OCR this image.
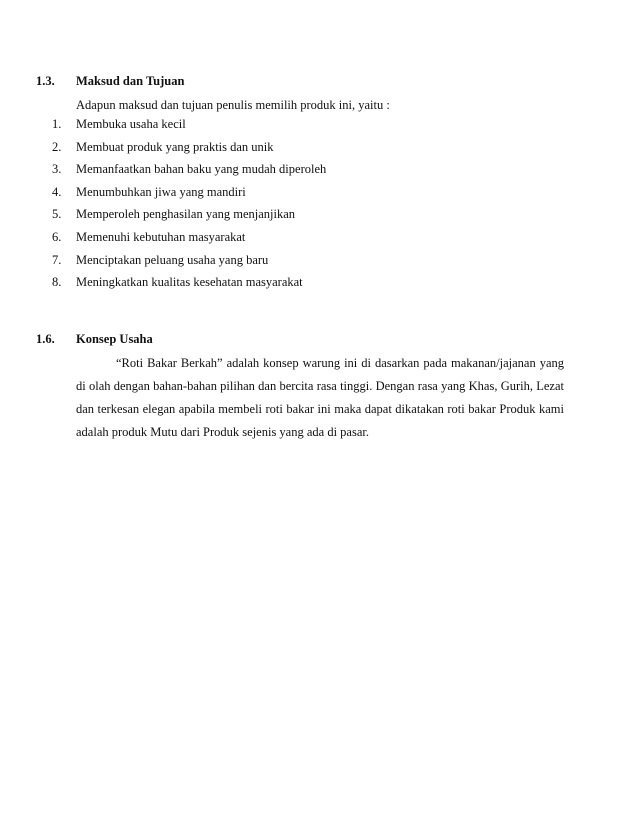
1.3. Maksud dan Tujuan
Adapun maksud dan tujuan penulis memilih produk ini, yaitu :
1. Membuka usaha kecil
2. Membuat produk yang praktis dan unik
3. Memanfaatkan bahan baku yang mudah diperoleh
4. Menumbuhkan jiwa yang mandiri
5. Memperoleh penghasilan yang menjanjikan
6. Memenuhi kebutuhan masyarakat
7. Menciptakan peluang usaha yang baru
8. Meningkatkan kualitas kesehatan masyarakat
1.6. Konsep Usaha

“Roti Bakar Berkah” adalah konsep warung ini di dasarkan pada makanan/jajanan yang di olah dengan bahan-bahan pilihan dan bercita rasa tinggi. Dengan rasa yang Khas, Gurih, Lezat dan terkesan elegan apabila membeli roti bakar ini maka dapat dikatakan roti bakar Produk kami adalah produk Mutu dari Produk sejenis yang ada di pasar.
